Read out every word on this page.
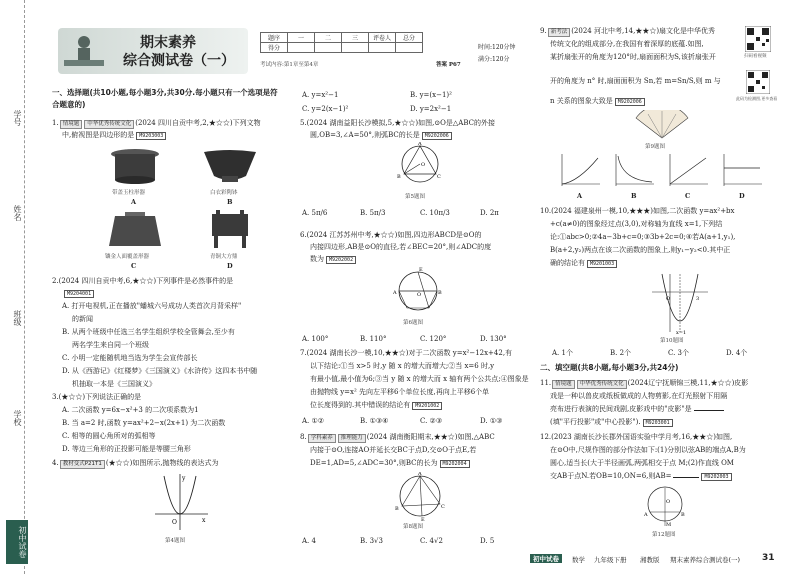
学号
姓名
班级
学校
初中试卷
期末素养
综合测试卷（一）
题序	一	二	三	评卷人	总分
得分						时间:120分钟
满分:120分
考试内容:第1章至第4章	答案 P67
一、选择题(共10小题,每小题3分,共30分.每小题只有一个选项是符合题意的)
1. 情境题 中华优秀传统文化 (2024 四川自贡中考,2,★☆☆)下列文物
中,俯视图是四边形的是 M9203003
带盖玉柱形器
A
白衣彩陶钵
B
镶金人面覆盖形器
C
青铜大方鼎
D
2.(2024 四川自贡中考,6,★☆☆)下列事件是必然事件的是
M9204001
A. 打开电视机,正在播放"蟠城六号成功人类首次月背采样"
的新闻
B. 从两个班级中任选三名学生组织学校全管舞会,至少有
两名学生来自同一个班级
C. 小明一定能随机地当选为学生会宣传部长
D. 从《西游记》《红楼梦》《三国演义》《水浒传》这四本书中随
机抽取一本是《三国演义》
3.(★☆☆)下列说法正确的是
A. 二次函数 y=6x−x²+3 的二次项系数为1
B. 当 a=2 时,函数 y=ax²+2−x(2x+1) 为二次函数
C. 相等的圆心角所对的弧相等
D. 等边三角形的正投影可能是等腰三角形
4. 教材变式P21T1 (★☆☆)如图所示,抛物线的表达式为
O	x
y
第4题图
A. y=x²−1	B. y=(x−1)²
C. y=2(x−1)²	D. y=2x²−1
5.(2024 湖南益阳长沙模拟,5,★☆☆)如图,⊙O是△ABC的外接
圆,OB=3,∠A=50°,则弧BC的长是 M9202006
A
B	C
O
第5题图
A. 5π/6	B. 5π/3	C. 10π/3	D. 2π
6.(2024 江苏苏州中考,★☆☆)如图,四边形ABCD是⊙O的
内接四边形,AB是⊙O的直径,若∠BEC=20°,则∠ADC的度
数为 M9202002
A	B
E
O
第6题图
A. 100°	B. 110°	C. 120°	D. 130°
7.(2024 湖南长沙一模,10,★★☆)对于二次函数 y=x²−12x+42,有
以下结论:①当 x>5 时,y 随 x 的增大而增大;②当 x=6 时,y
有最小值,最小值为6;③当 y 随 x 的增大而 x 轴有两个公共点;④图象是
由抛物线 y=x² 先向左平移6个单位长度,再向上平移6个单
位长度得到的.其中错误的结论有 M9201002
A. ①②	B. ①③④	C. ②③	D. ①③
8. 学科素养 推理能力 (2024 湖南衡阳期末,★★☆)如图,△ABC
内接于⊙O,连接AO并延长交BC于点D,交⊙O于点E,若
DE=1,AD=5,∠ADC=30°,则BC的长为 M9202004
A
B	C
E
第8题图
A. 4	B. 3√3	C. 4√2	D. 5
9. 新考法 (2024 河北中考,14,★★☆)扇文化是中华优秀
传统文化的组成部分,在我国有着深厚的底蕴.如图,
某折扇张开的角度为120°时,扇面面积为S,该折扇张开
开的角度为 n° 时,扇面面积为 Sn,若 m=Sn/S,则 m 与
n 关系的图象大致是 M9202006
扫码看视频
此码为检测图,更多查看
第9题图
A	B	C	D
10.(2024 福建泉州一模,10,★★★)如图,二次函数 y=ax²+bx
+c(a≠0)的图象经过点(3,0),对称轴为直线 x=1,下列结
论:①abc>0;②4a−3b+c=0;③3b+2c=0;④若A(a+1,y₁),
B(a+2,y₂)两点在该二次函数的图象上,则y₁−y₂<0.其中正
确的结论有 M9201003
3
O
x=1
第10题图
A. 1个	B. 2个	C. 3个	D. 4个
二、填空题(共8小题,每小题3分,共24分)
11. 情境题 中华优秀传统文化 (2024辽宁抚顺锦三模,11,★☆☆)皮影
戏是一种以兽皮或纸板做成的人物剪影,在灯光照射下用隔
亮布进行表演的民间戏剧,皮影戏中的"皮影"是
(填"平行投影"或"中心投影"). M9203001
12.(2023 湖南长沙长郡外国语实验中学月考,16,★★☆)如图,
在⊙O中,尺规作图的部分作法如下:(1)分别以弦AB的端点A,B为
圆心,适当长(大于半径画弧,两弧相交于点 M;(2)作直线 OM
交AB于点N.若OB=10,ON=6,则AB=	M9202003
A	B
O
M
第12题图
初中试卷	数学 九年级下册 湘教版 期末素养综合测试卷(一) 31
